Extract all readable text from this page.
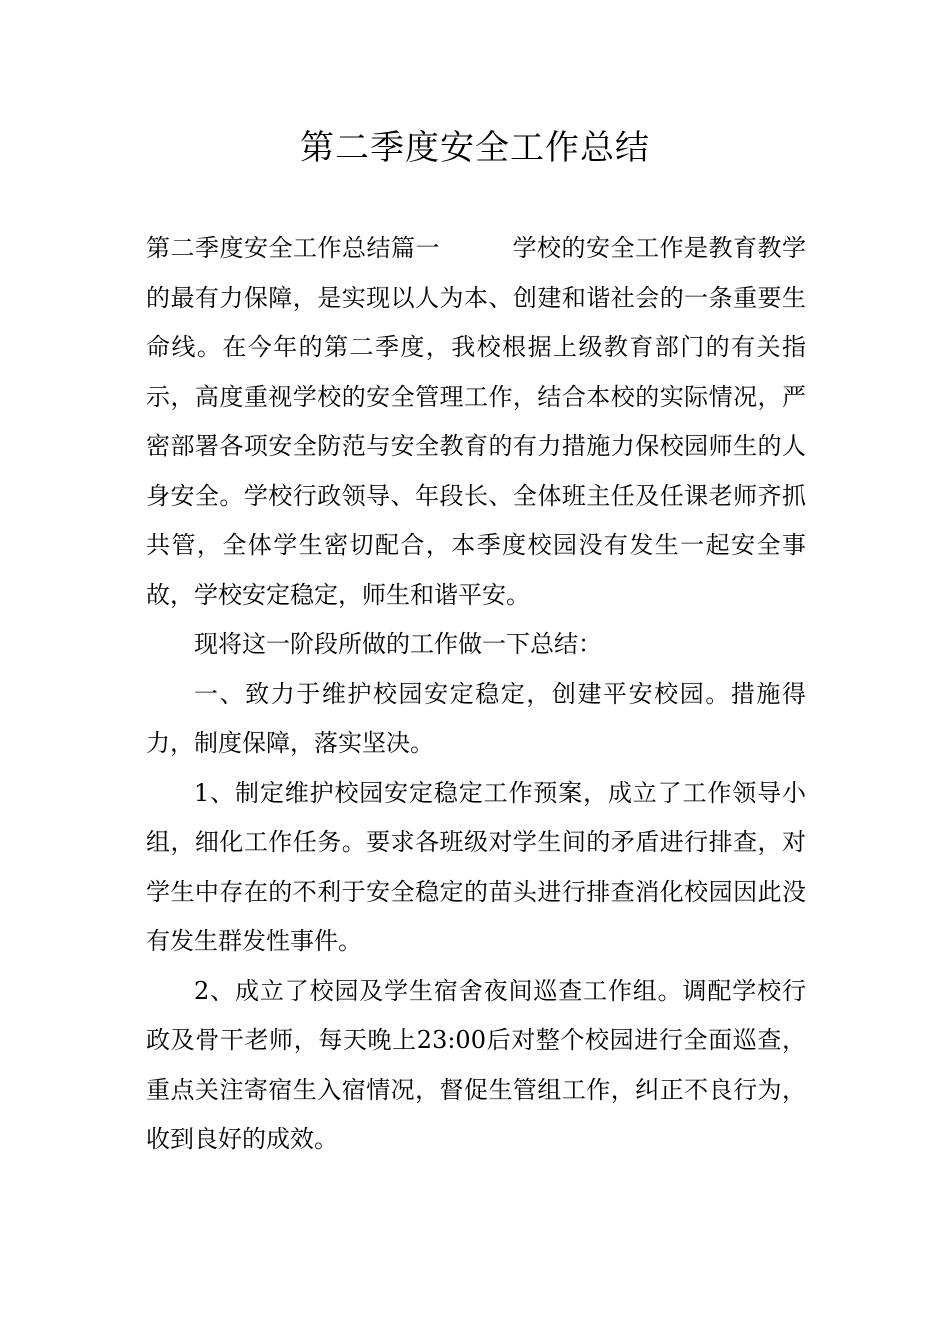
第二季度安全工作总结

第二季度安全工作总结篇一	学校的安全工作是教育教学的最有力保障，是实现以人为本、创建和谐社会的一条重要生命线。在今年的第二季度，我校根据上级教育部门的有关指示，高度重视学校的安全管理工作，结合本校的实际情况，严密部署各项安全防范与安全教育的有力措施力保校园师生的人身安全。学校行政领导、年段长、全体班主任及任课老师齐抓共管，全体学生密切配合，本季度校园没有发生一起安全事故，学校安定稳定，师生和谐平安。

现将这一阶段所做的工作做一下总结：

一、致力于维护校园安定稳定，创建平安校园。措施得力，制度保障，落实坚决。

1、制定维护校园安定稳定工作预案，成立了工作领导小组，细化工作任务。要求各班级对学生间的矛盾进行排查，对学生中存在的不利于安全稳定的苗头进行排查消化校园因此没有发生群发性事件。

2、成立了校园及学生宿舍夜间巡查工作组。调配学校行政及骨干老师，每天晚上23:00后对整个校园进行全面巡查，重点关注寄宿生入宿情况，督促生管组工作，纠正不良行为，收到良好的成效。
